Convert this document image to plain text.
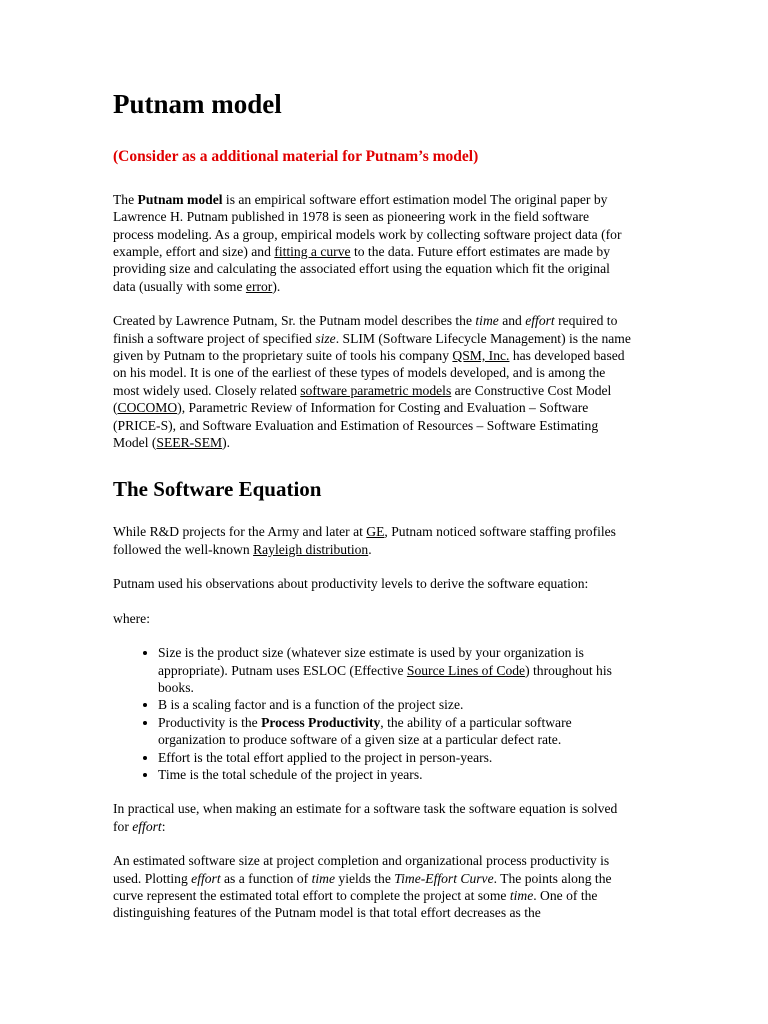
Putnam model
(Consider as a additional material for Putnam’s model)

The Putnam model is an empirical software effort estimation model The original paper by Lawrence H. Putnam published in 1978 is seen as pioneering work in the field software process modeling. As a group, empirical models work by collecting software project data (for example, effort and size) and fitting a curve to the data. Future effort estimates are made by providing size and calculating the associated effort using the equation which fit the original data (usually with some error).

Created by Lawrence Putnam, Sr. the Putnam model describes the time and effort required to finish a software project of specified size. SLIM (Software Lifecycle Management) is the name given by Putnam to the proprietary suite of tools his company QSM, Inc. has developed based on his model. It is one of the earliest of these types of models developed, and is among the most widely used. Closely related software parametric models are Constructive Cost Model (COCOMO), Parametric Review of Information for Costing and Evaluation – Software (PRICE-S), and Software Evaluation and Estimation of Resources – Software Estimating Model (SEER-SEM).

The Software Equation

While R&D projects for the Army and later at GE, Putnam noticed software staffing profiles followed the well-known Rayleigh distribution.

Putnam used his observations about productivity levels to derive the software equation:

where:

• Size is the product size (whatever size estimate is used by your organization is appropriate). Putnam uses ESLOC (Effective Source Lines of Code) throughout his books.
• B is a scaling factor and is a function of the project size.
• Productivity is the Process Productivity, the ability of a particular software organization to produce software of a given size at a particular defect rate.
• Effort is the total effort applied to the project in person-years.
• Time is the total schedule of the project in years.

In practical use, when making an estimate for a software task the software equation is solved for effort:

An estimated software size at project completion and organizational process productivity is used. Plotting effort as a function of time yields the Time-Effort Curve. The points along the curve represent the estimated total effort to complete the project at some time. One of the distinguishing features of the Putnam model is that total effort decreases as the
